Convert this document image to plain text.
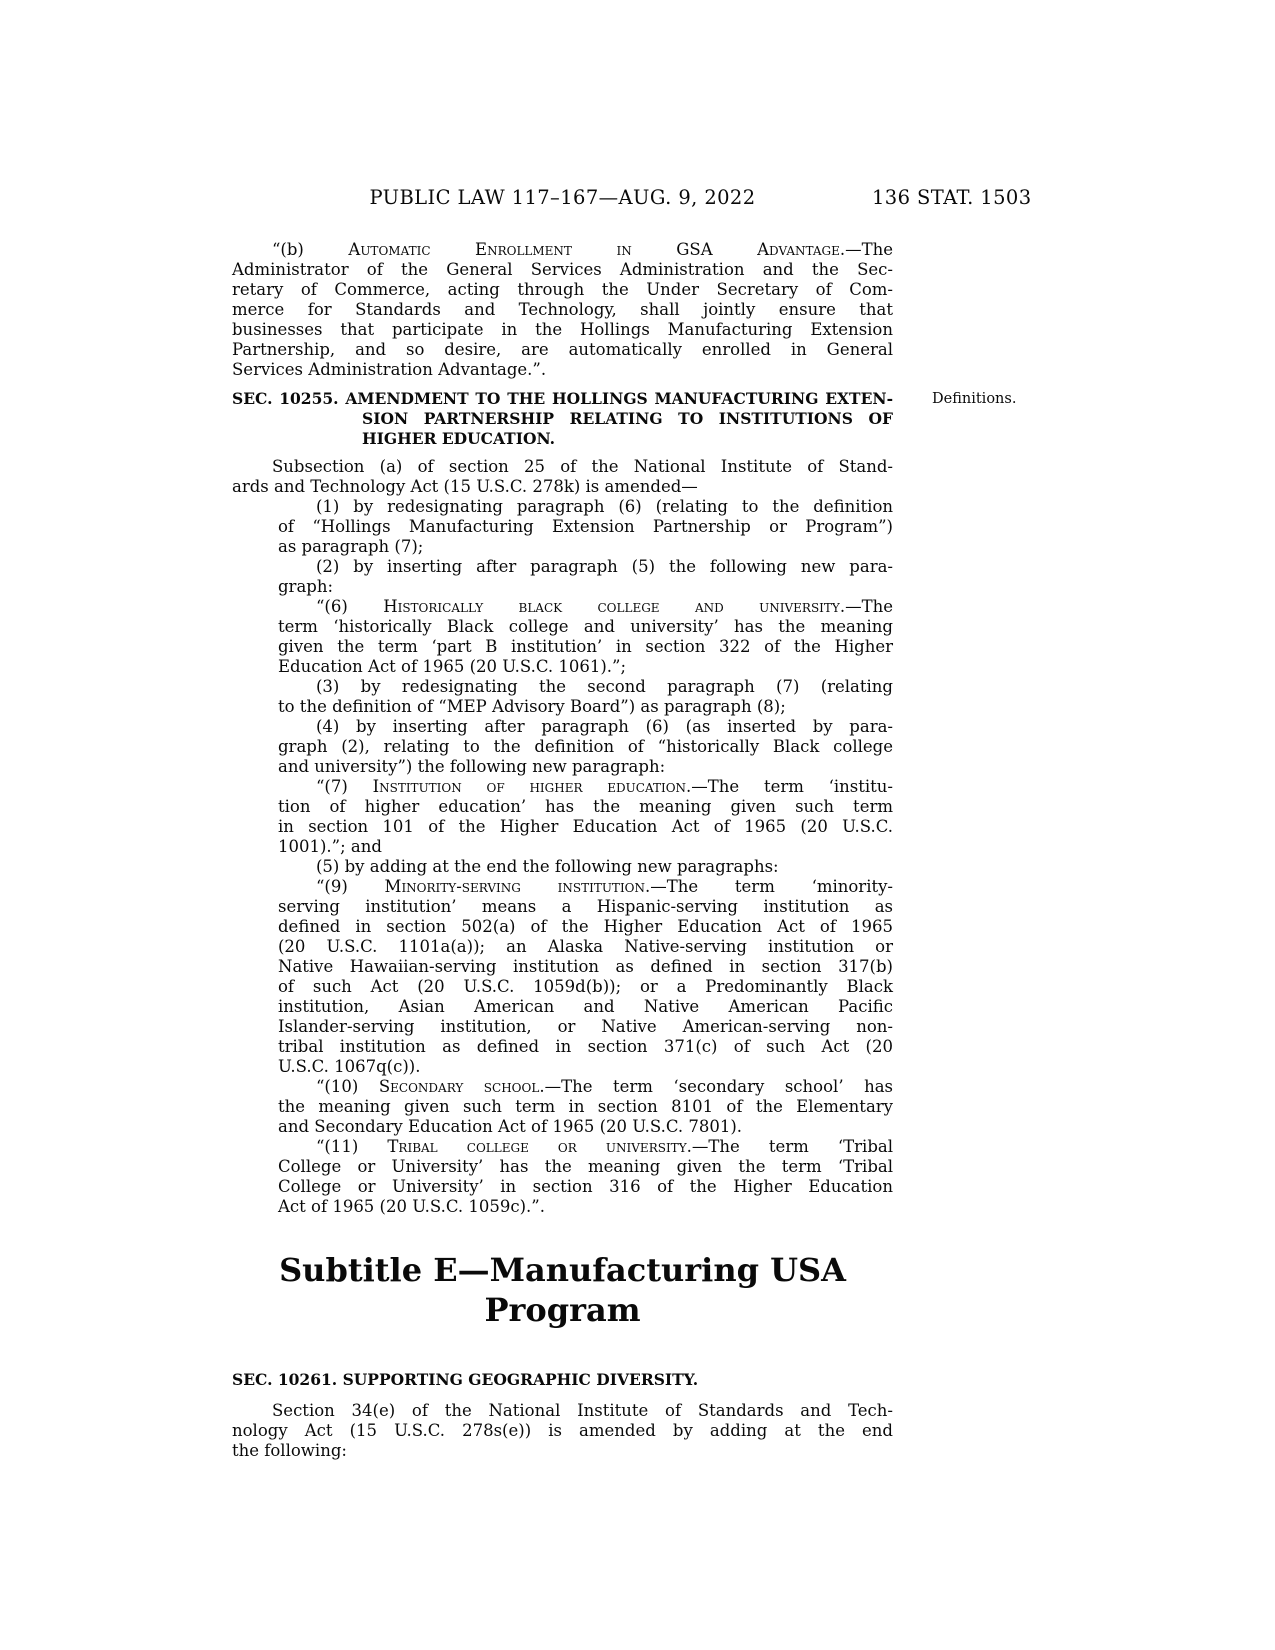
PUBLIC LAW 117–167—AUG. 9, 2022	136 STAT. 1503
“(b) Automatic Enrollment in GSA Advantage.—The
Administrator of the General Services Administration and the Sec-
retary of Commerce, acting through the Under Secretary of Com-
merce for Standards and Technology, shall jointly ensure that
businesses that participate in the Hollings Manufacturing Extension
Partnership, and so desire, are automatically enrolled in General
Services Administration Advantage.”.
Definitions.
SEC. 10255. AMENDMENT TO THE HOLLINGS MANUFACTURING EXTEN-
SION PARTNERSHIP RELATING TO INSTITUTIONS OF
HIGHER EDUCATION.
Subsection (a) of section 25 of the National Institute of Stand-
ards and Technology Act (15 U.S.C. 278k) is amended—
(1) by redesignating paragraph (6) (relating to the definition
of “Hollings Manufacturing Extension Partnership or Program”)
as paragraph (7);
(2) by inserting after paragraph (5) the following new para-
graph:
“(6) Historically black college and university.—The
term ‘historically Black college and university’ has the meaning
given the term ‘part B institution’ in section 322 of the Higher
Education Act of 1965 (20 U.S.C. 1061).”;
(3) by redesignating the second paragraph (7) (relating
to the definition of “MEP Advisory Board”) as paragraph (8);
(4) by inserting after paragraph (6) (as inserted by para-
graph (2), relating to the definition of “historically Black college
and university”) the following new paragraph:
“(7) Institution of higher education.—The term ‘institu-
tion of higher education’ has the meaning given such term
in section 101 of the Higher Education Act of 1965 (20 U.S.C.
1001).”; and
(5) by adding at the end the following new paragraphs:
“(9) Minority-serving institution.—The term ‘minority-
serving institution’ means a Hispanic-serving institution as
defined in section 502(a) of the Higher Education Act of 1965
(20 U.S.C. 1101a(a)); an Alaska Native-serving institution or
Native Hawaiian-serving institution as defined in section 317(b)
of such Act (20 U.S.C. 1059d(b)); or a Predominantly Black
institution, Asian American and Native American Pacific
Islander-serving institution, or Native American-serving non-
tribal institution as defined in section 371(c) of such Act (20
U.S.C. 1067q(c)).
“(10) Secondary school.—The term ‘secondary school’ has
the meaning given such term in section 8101 of the Elementary
and Secondary Education Act of 1965 (20 U.S.C. 7801).
“(11) Tribal college or university.—The term ‘Tribal
College or University’ has the meaning given the term ‘Tribal
College or University’ in section 316 of the Higher Education
Act of 1965 (20 U.S.C. 1059c).”.
Subtitle E—Manufacturing USA Program
SEC. 10261. SUPPORTING GEOGRAPHIC DIVERSITY.
Section 34(e) of the National Institute of Standards and Tech-
nology Act (15 U.S.C. 278s(e)) is amended by adding at the end
the following:
